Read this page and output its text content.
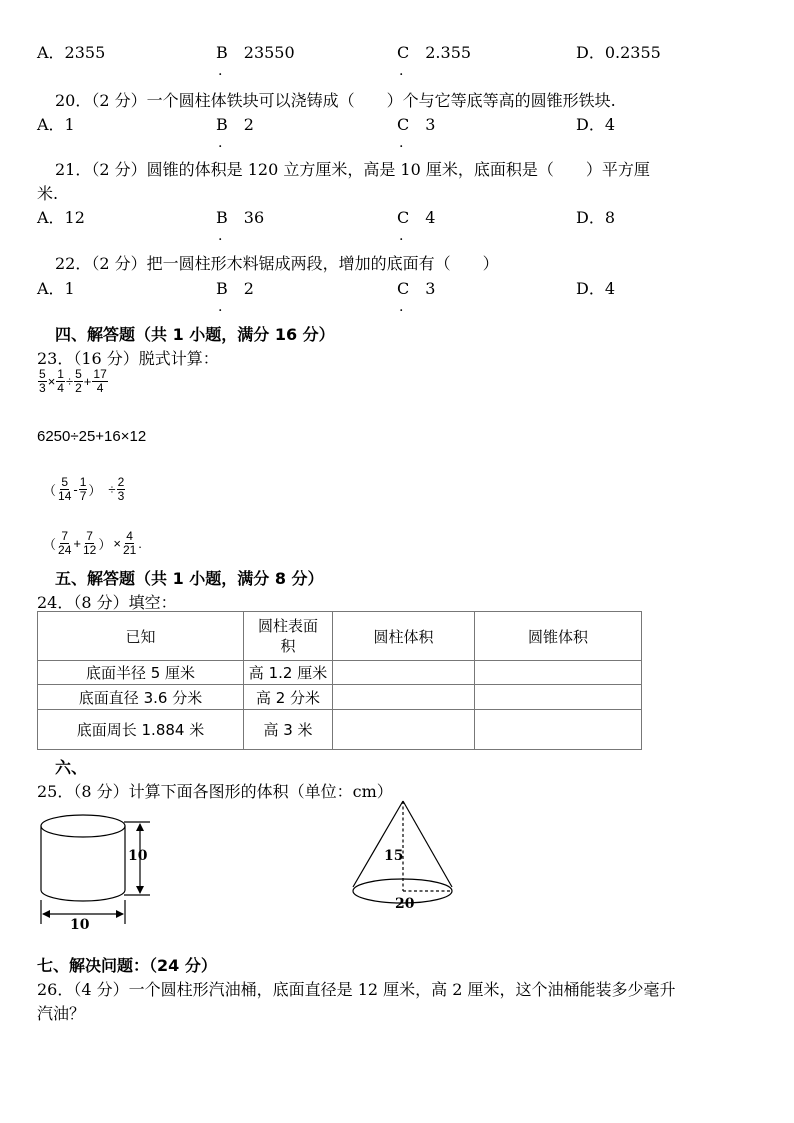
A．2355	B　23550
.
C　2.355
.
D．0.2355
20．（2 分）一个圆柱体铁块可以浇铸成（　　）个与它等底等高的圆锥形铁块.
A．1	B　2
.
C　3
.
D．4
21．（2 分）圆锥的体积是 120 立方厘米，高是 10 厘米，底面积是（　　）平方厘
米.
A．12	B　36
.
C　4
.
D．8
22．（2 分）把一圆柱形木料锯成两段，增加的底面有（　　）
A．1	B　2
.
C　3
.
D．4
四、解答题（共 1 小题，满分 16 分）
23．（16 分）脱式计算：
$\frac{5}{3} \times \frac{1}{4} \div \frac{5}{2} + \frac{17}{4}$
6250÷25+16×12
（ $\frac{5}{14} - \frac{1}{7}$ ） ÷ $\frac{2}{3}$
（ $\frac{7}{24} + \frac{7}{12}$ ） × $\frac{4}{21}$ .
五、解答题（共 1 小题，满分 8 分）
24．（8 分）填空：
已知	圆柱表面
积	圆柱体积	圆锥体积
底面半径 5 厘米	高 1.2 厘米		
底面直径 3.6 分米	高 2 分米		
底面周长 1.884 米	高 3 米		
六、
25．（8 分）计算下面各图形的体积（单位：cm）
10
10
15
20
七、解决问题：（24 分）
26．（4 分）一个圆柱形汽油桶，底面直径是 12 厘米，高 2 厘米，这个油桶能装多少毫升
汽油？
